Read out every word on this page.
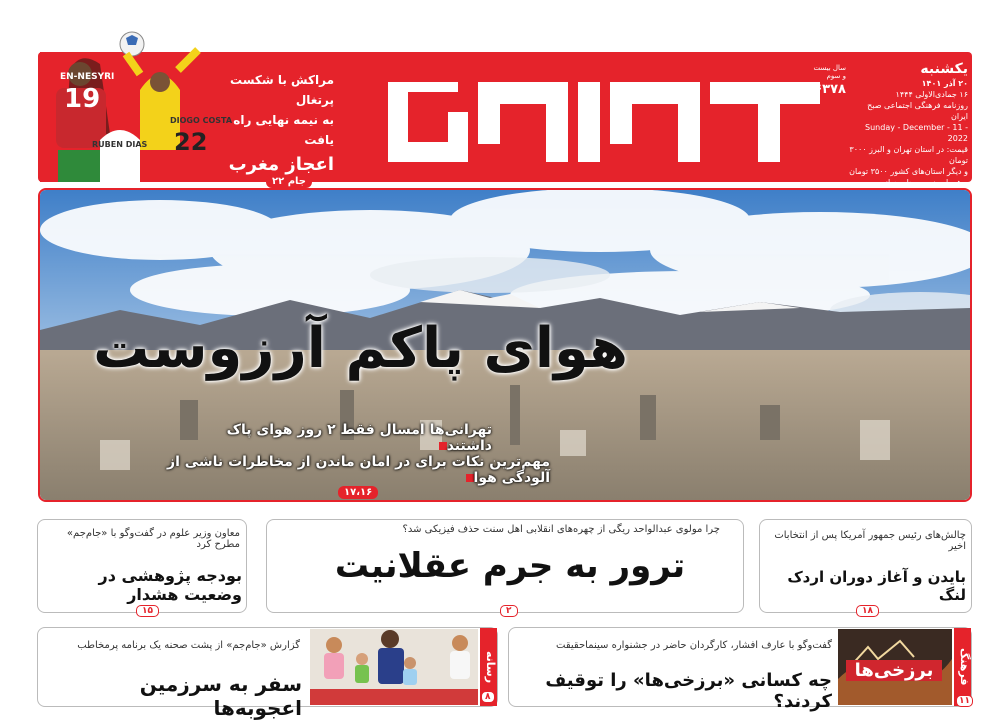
EN-NESYRI
19
RUBEN DIAS
DIOGO COSTA
22
مراکش با شکست پرتغال
به نیمه نهایی راه یافت
اعجاز مغرب
جام ۲۲
یکشنبه
۲۰ آذر ۱۴۰۱
۱۶ جمادی‌الاولی ۱۴۴۴
روزنامه فرهنگی اجتماعی صبح ایران
Sunday - December - 11 - 2022
قیمت: در استان تهران و البرز ۳۰۰۰ تومان
و دیگر استان‌های کشور ۳۵۰۰ تومان
به‌همراه ضمیمه جام جهانی
سال بیست و سوم
۶۳۷۸
هوای پاکم آرزوست
تهرانی‌ها امسال فقط ۲ روز هوای پاک داشتند
مهم‌ترین نکات برای در امان ماندن از مخاطرات ناشی از آلودگی هوا
۱۷،۱۶
معاون وزیر علوم در گفت‌وگو با «جام‌جم» مطرح کرد
بودجه پژوهشی در وضعیت هشدار
۱۵
چرا مولوی عبدالواحد ریگی از چهره‌های انقلابی اهل سنت حذف فیزیکی شد؟
ترور به جرم عقلانیت
۲
چالش‌های رئیس جمهور آمریکا پس از انتخابات اخیر
بایدن و آغاز دوران اردک لنگ
۱۸
رسانه
گزارش «جام‌جم» از پشت صحنه یک برنامه پرمخاطب
سفر به سرزمین اعجوبه‌ها	۸
برزخی‌ها	فرهنگ
گفت‌وگو با عارف افشار، کارگردان حاضر در جشنواره سینماحقیقت
چه کسانی «برزخی‌ها» را توقیف کردند؟	۱۱
